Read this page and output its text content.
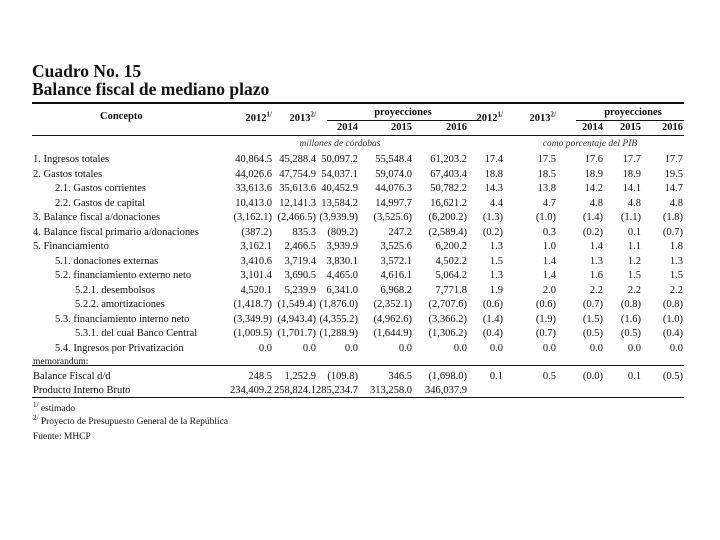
Cuadro No. 15
Balance fiscal de mediano plazo
Concepto	proyecciones	proyecciones
$2012^{1/}$	$2013^{2/}$
2014	2015	2016
$2012^{1/}$	$2013^{2/}$
2014	2015	2016
millones de córdobas	como porcentaje del PIB
1. Ingresos totales	40,864.5 45,288.4 50,097.2	55,548.4	61,203.2	17.4	17.5	17.6	17.7	17.7
2. Gastos totales	44,026.6 47,754.9 54,037.1	59,074.0	67,403.4	18.8	18.5	18.9	18.9	19.5
2.1. Gastos corrientes	33,613.6 35,613.6 40,452.9	44,076.3	50,782.2	14.3	13.8	14.2	14.1	14.7
2.2. Gastos de capital	10,413.0 12,141.3 13,584.2	14,997.7	16,621.2	4.4	4.7	4.8	4.8	4.8
3. Balance fiscal a/donaciones	(3,162.1) (2,466.5) (3,939.9)	(3,525.6)	(6,200.2)	(1.3)	(1.0)	(1.4)	(1.1)	(1.8)
4. Balance fiscal primario a/donaciones	(387.2)	835.3	(809.2)	247.2	(2,589.4)	(0.2)	0.3	(0.2)	0.1	(0.7)
5. Financiamiento	3,162.1	2,466.5	3,939.9	3,525.6	6,200.2	1.3	1.0	1.4	1.1	1.8
5.1. donaciones externas	3,410.6	3,719.4	3,830.1	3,572.1	4,502.2	1.5	1.4	1.3	1.2	1.3
5.2. financiamiento externo neto	3,101.4	3,690.5	4,465.0	4,616.1	5,064.2	1.3	1.4	1.6	1.5	1.5
5.2.1. desembolsos	4,520.1	5,239.9	6,341.0	6,968.2	7,771.8	1.9	2.0	2.2	2.2	2.2
5.2.2. amortizaciones	(1,418.7) (1,549.4) (1,876.0)	(2,352.1)	(2,707.6)	(0.6)	(0.6)	(0.7)	(0.8)	(0.8)
5.3. financiamiento interno neto	(3,349.9) (4,943.4) (4,355.2)	(4,962.6)	(3,366.2)	(1.4)	(1.9)	(1.5)	(1.6)	(1.0)
5.3.1. del cual Banco Central	(1,009.5) (1,701.7) (1,288.9)	(1,644.9)	(1,306.2)	(0.4)	(0.7)	(0.5)	(0.5)	(0.4)
5.4. Ingresos por Privatización	0.0	0.0	0.0	0.0	0.0	0.0	0.0	0.0	0.0	0.0
memorandum:
Balance Fiscal d/d	248.5	1,252.9	(109.8)	346.5	(1,698.0)	0.1	0.5	(0.0)	0.1	(0.5)
Producto Interno Bruto	234,409.2 258,824.1 285,234.7	313,258.0	346,037.9
$^{1/}$ estimado
$^{2/}$ Proyecto de Presupuesto General de la República
Fuente: MHCP
